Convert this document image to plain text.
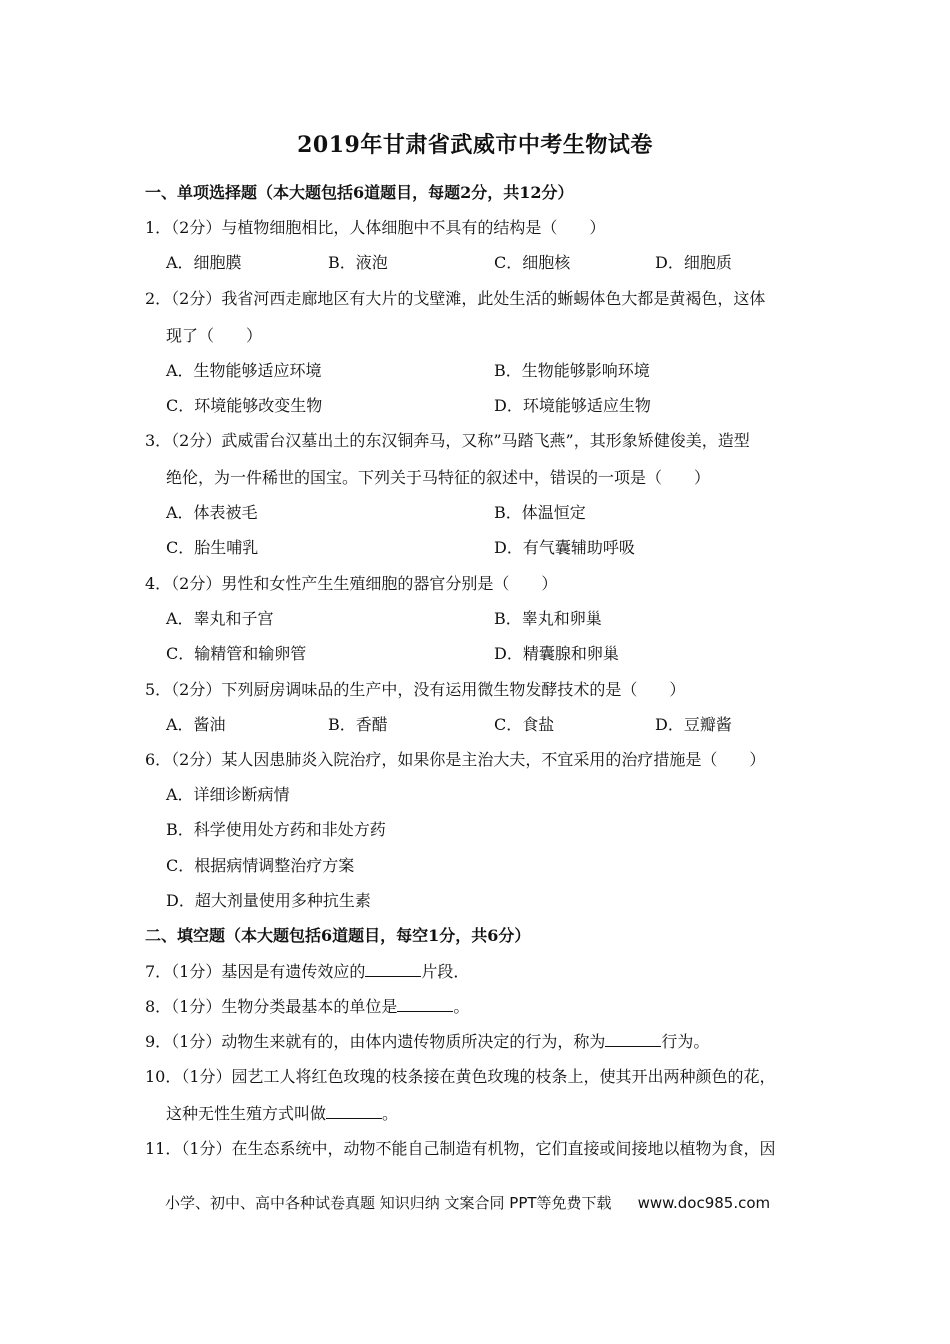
2019年甘肃省武威市中考生物试卷
一、单项选择题（本大题包括6道题目，每题2分，共12分）
1．（2分）与植物细胞相比，人体细胞中不具有的结构是（　　）
A．细胞膜	B．液泡	C．细胞核	D．细胞质
2．（2分）我省河西走廊地区有大片的戈壁滩，此处生活的蜥蜴体色大都是黄褐色，这体
现了（　　）
A．生物能够适应环境	B．生物能够影响环境
C．环境能够改变生物	D．环境能够适应生物
3．（2分）武威雷台汉墓出土的东汉铜奔马，又称”马踏飞燕”，其形象矫健俊美，造型
绝伦，为一件稀世的国宝。下列关于马特征的叙述中，错误的一项是（　　）
A．体表被毛	B．体温恒定
C．胎生哺乳	D．有气囊辅助呼吸
4．（2分）男性和女性产生生殖细胞的器官分别是（　　）
A．睾丸和子宫	B．睾丸和卵巢
C．输精管和输卵管	D．精囊腺和卵巢
5．（2分）下列厨房调味品的生产中，没有运用微生物发酵技术的是（　　）
A．酱油	B．香醋	C．食盐	D．豆瓣酱
6．（2分）某人因患肺炎入院治疗，如果你是主治大夫，不宜采用的治疗措施是（　　）
A．详细诊断病情
B．科学使用处方药和非处方药
C．根据病情调整治疗方案
D．超大剂量使用多种抗生素
二、填空题（本大题包括6道题目，每空1分，共6分）
7．（1分）基因是有遗传效应的	片段．
8．（1分）生物分类最基本的单位是	。
9．（1分）动物生来就有的，由体内遗传物质所决定的行为，称为	行为。
10．（1分）园艺工人将红色玫瑰的枝条接在黄色玫瑰的枝条上，使其开出两种颜色的花，
这种无性生殖方式叫做	。
11．（1分）在生态系统中，动物不能自己制造有机物，它们直接或间接地以植物为食，因
小学、初中、高中各种试卷真题 知识归纳 文案合同 PPT等免费下载 www.doc985.com
